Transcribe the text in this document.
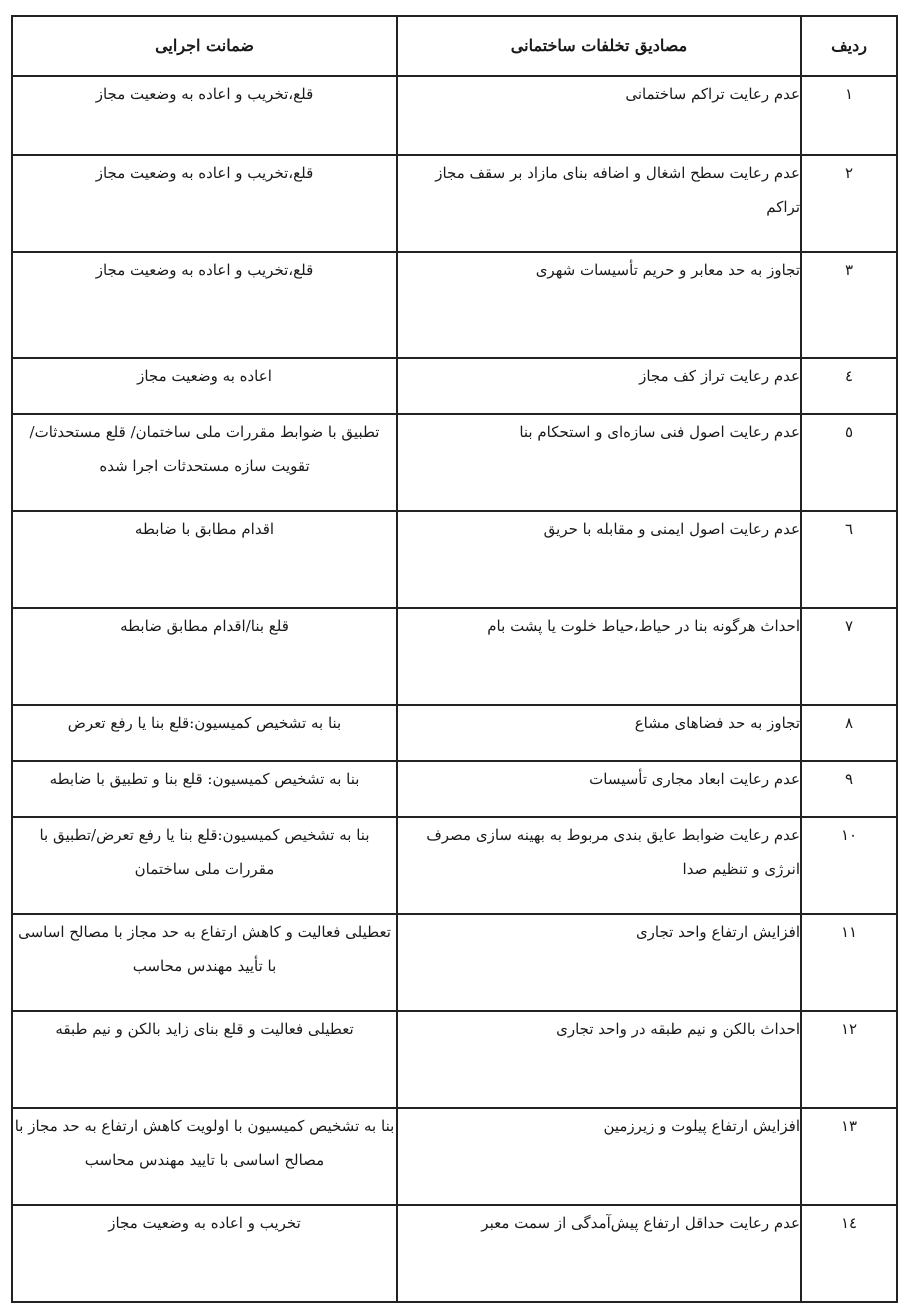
ردیف	مصادیق تخلفات ساختمانی	ضمانت اجرایی
۱	عدم رعایت تراکم ساختمانی	قلع،تخریب و اعاده به وضعیت مجاز
۲	عدم رعایت سطح اشغال و اضافه بنای مازاد بر سقف مجاز تراکم	قلع،تخریب و اعاده به وضعیت مجاز
۳	تجاوز به حد معابر و حریم تأسیسات شهری	قلع،تخریب و اعاده به وضعیت مجاز
٤	عدم رعایت تراز کف مجاز	اعاده به وضعیت مجاز
٥	عدم رعایت اصول فنی سازه‌ای و استحکام بنا	تطبیق با ضوابط مقررات ملی ساختمان/ قلع مستحدثات/ تقویت سازه مستحدثات اجرا شده
٦	عدم رعایت اصول ایمنی و مقابله با حریق	اقدام مطابق با ضابطه
۷	احداث هرگونه بنا در حیاط،حیاط خلوت یا پشت بام	قلع بنا/اقدام مطابق ضابطه
۸	تجاوز به حد فضاهای مشاع	بنا به تشخیص کمیسیون:قلع بنا یا رفع تعرض
۹	عدم رعایت ابعاد مجاری تأسیسات	بنا به تشخیص کمیسیون: قلع بنا و تطبیق با ضابطه
۱۰	عدم رعایت ضوابط عایق بندی مربوط به بهینه سازی مصرف انرژی و تنظیم صدا	بنا به تشخیص کمیسیون:قلع بنا یا رفع تعرض/تطبیق با مقررات ملی ساختمان
۱۱	افزایش ارتفاع واحد تجاری	تعطیلی فعالیت و کاهش ارتفاع به حد مجاز با مصالح اساسی با تأیید مهندس محاسب
۱۲	احداث بالکن و نیم طبقه در واحد تجاری	تعطیلی فعالیت و قلع بنای زاید بالکن و نیم طبقه
۱۳	افزایش ارتفاع پیلوت و زیرزمین	بنا به تشخیص کمیسیون با اولویت کاهش ارتفاع به حد مجاز با مصالح اساسی با تایید مهندس محاسب
۱٤	عدم رعایت حداقل ارتفاع پیش‌آمدگی از سمت معبر	تخریب و اعاده به وضعیت مجاز
